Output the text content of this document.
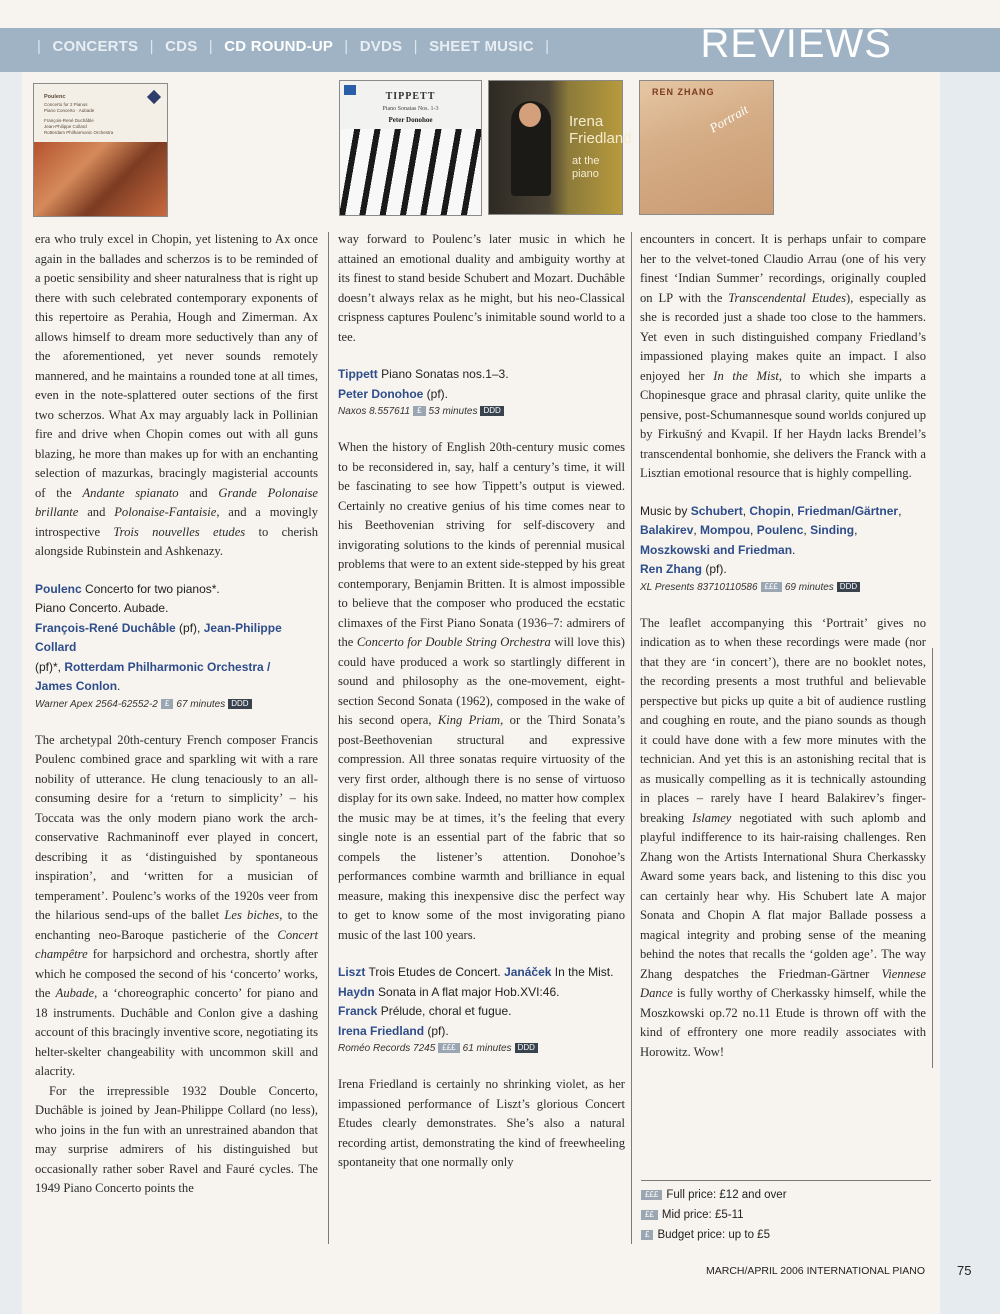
| CONCERTS | CDS | CD ROUND-UP | DVDS | SHEET MUSIC |	REVIEWS
Poulenc
Concerto for 2 Pianos
Piano Concerto · Aubade
François-René Duchâble
Jean-Philippe Collard
Rotterdam Philharmonic Orchestra
TIPPETT
Piano Sonatas Nos. 1-3
Peter Donohoe	Irena Friedland
at the piano
REN ZHANG
Portrait

era who truly excel in Chopin, yet listening to Ax once again in the ballades and scherzos is to be reminded of a poetic sensibility and sheer naturalness that is right up there with such celebrated contemporary exponents of this repertoire as Perahia, Hough and Zimerman. Ax allows himself to dream more seductively than any of the aforementioned, yet never sounds remotely mannered, and he maintains a rounded tone at all times, even in the note-splattered outer sections of the first two scherzos. What Ax may arguably lack in Pollinian fire and drive when Chopin comes out with all guns blazing, he more than makes up for with an enchanting selection of mazurkas, bracingly magisterial accounts of the Andante spianato and Grande Polonaise brillante and Polonaise-Fantaisie, and a movingly introspective Trois nouvelles etudes to cherish alongside Rubinstein and Ashkenazy.

Poulenc Concerto for two pianos*.
Piano Concerto. Aubade.
François-René Duchâble (pf), Jean-Philippe Collard
(pf)*, Rotterdam Philharmonic Orchestra /
James Conlon.
Warner Apex 2564-62552-2 £ 67 minutes DDD

The archetypal 20th-century French composer Francis Poulenc combined grace and sparkling wit with a rare nobility of utterance. He clung tenaciously to an all-consuming desire for a ‘return to simplicity’ – his Toccata was the only modern piano work the arch-conservative Rachmaninoff ever played in concert, describing it as ‘distinguished by spontaneous inspiration’, and ‘written for a musician of temperament’. Poulenc’s works of the 1920s veer from the hilarious send-ups of the ballet Les biches, to the enchanting neo-Baroque pasticherie of the Concert champêtre for harpsichord and orchestra, shortly after which he composed the second of his ‘concerto’ works, the Aubade, a ‘choreographic concerto’ for piano and 18 instruments. Duchâble and Conlon give a dashing account of this bracingly inventive score, negotiating its helter-skelter changeability with uncommon skill and alacrity.

For the irrepressible 1932 Double Concerto, Duchâble is joined by Jean-Philippe Collard (no less), who joins in the fun with an unrestrained abandon that may surprise admirers of his distinguished but occasionally rather sober Ravel and Fauré cycles. The 1949 Piano Concerto points the

way forward to Poulenc’s later music in which he attained an emotional duality and ambiguity worthy at its finest to stand beside Schubert and Mozart. Duchâble doesn’t always relax as he might, but his neo-Classical crispness captures Poulenc’s inimitable sound world to a tee.

Tippett Piano Sonatas nos.1–3.
Peter Donohoe (pf).
Naxos 8.557611 £ 53 minutes DDD

When the history of English 20th-century music comes to be reconsidered in, say, half a century’s time, it will be fascinating to see how Tippett’s output is viewed. Certainly no creative genius of his time comes near to his Beethovenian striving for self-discovery and invigorating solutions to the kinds of perennial musical problems that were to an extent side-stepped by his great contemporary, Benjamin Britten. It is almost impossible to believe that the composer who produced the ecstatic climaxes of the First Piano Sonata (1936–7: admirers of the Concerto for Double String Orchestra will love this) could have produced a work so startlingly different in sound and philosophy as the one-movement, eight-section Second Sonata (1962), composed in the wake of his second opera, King Priam, or the Third Sonata’s post-Beethovenian structural and expressive compression. All three sonatas require virtuosity of the very first order, although there is no sense of virtuoso display for its own sake. Indeed, no matter how complex the music may be at times, it’s the feeling that every single note is an essential part of the fabric that so compels the listener’s attention. Donohoe’s performances combine warmth and brilliance in equal measure, making this inexpensive disc the perfect way to get to know some of the most invigorating piano music of the last 100 years.

Liszt Trois Etudes de Concert. Janáček In the Mist.
Haydn Sonata in A flat major Hob.XVI:46.
Franck Prélude, choral et fugue.
Irena Friedland (pf).
Roméo Records 7245 £££ 61 minutes DDD

Irena Friedland is certainly no shrinking violet, as her impassioned performance of Liszt’s glorious Concert Etudes clearly demonstrates. She’s also a natural recording artist, demonstrating the kind of freewheeling spontaneity that one normally only

encounters in concert. It is perhaps unfair to compare her to the velvet-toned Claudio Arrau (one of his very finest ‘Indian Summer’ recordings, originally coupled on LP with the Transcendental Etudes), especially as she is recorded just a shade too close to the hammers. Yet even in such distinguished company Friedland’s impassioned playing makes quite an impact. I also enjoyed her In the Mist, to which she imparts a Chopinesque grace and phrasal clarity, quite unlike the pensive, post-Schumannesque sound worlds conjured up by Firkušný and Kvapil. If her Haydn lacks Brendel’s transcendental bonhomie, she delivers the Franck with a Lisztian emotional resource that is highly compelling.

Music by Schubert, Chopin, Friedman/Gärtner,
Balakirev, Mompou, Poulenc, Sinding,
Moszkowski and Friedman.
Ren Zhang (pf).
XL Presents 83710110586 £££ 69 minutes DDD

The leaflet accompanying this ‘Portrait’ gives no indication as to when these recordings were made (nor that they are ‘in concert’), there are no booklet notes, the recording presents a most truthful and believable perspective but picks up quite a bit of audience rustling and coughing en route, and the piano sounds as though it could have done with a few more minutes with the technician. And yet this is an astonishing recital that is as musically compelling as it is technically astounding in places – rarely have I heard Balakirev’s finger-breaking Islamey negotiated with such aplomb and playful indifference to its hair-raising challenges. Ren Zhang won the Artists International Shura Cherkassky Award some years back, and listening to this disc you can certainly hear why. His Schubert late A major Sonata and Chopin A flat major Ballade possess a magical integrity and probing sense of the meaning behind the notes that recalls the ‘golden age’. The way Zhang despatches the Friedman-Gärtner Viennese Dance is fully worthy of Cherkassky himself, while the Moszkowski op.72 no.11 Etude is thrown off with the kind of effrontery one more readily associates with Horowitz. Wow!

£££ Full price: £12 and over
££ Mid price: £5-11
£ Budget price: up to £5
MARCH/APRIL 2006 INTERNATIONAL PIANO 75
